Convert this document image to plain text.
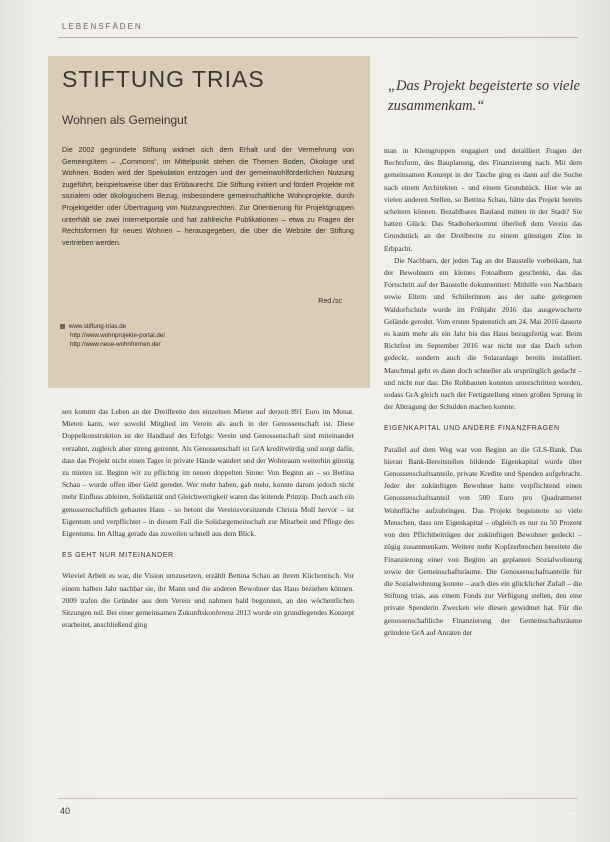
LEBENSFÄDEN
STIFTUNG TRIAS
Wohnen als Gemeingut
Die 2002 gegründete Stiftung widmet sich dem Erhalt und der Vermehrung von Gemeingütern – „Commons“, im Mittelpunkt stehen die Themen Boden, Ökologie und Wohnen. Boden wird der Spekulation entzogen und der gemeinwohlförderlichen Nutzung zugeführt, beispielsweise über das Erbbaurecht. Die Stiftung initiiert und fördert Projekte mit sozialem oder ökologischem Bezug, insbesondere gemeinschaftliche Wohnprojekte, durch Projektgelder oder Übertragung von Nutzungsrechten. Zur Orientierung für Projektgruppen unterhält sie zwei Internetportale und hat zahlreiche Publikationen – etwa zu Fragen der Rechtsformen für neues Wohnen – herausgegeben, die über die Website der Stiftung vertrieben werden.
Red./sc
www.stiftung-trias.de
http://www.wohnprojekte-portal.de/
http://www.neue-wohnformen.de/
„Das Projekt begeisterte so viele zusammenkam.“

sen kommt das Leben an der Dreilbreite den einzelnen Mieter auf derzeit 891 Euro im Monat. Mieten kann, wer sowohl Mitglied im Verein als auch in der Genossenschaft ist. Diese Doppelkonstruktion ist der Handlauf des Erfolgs: Verein und Genossenschaft sind miteinander verzahnt, zugleich aber streng getrennt. Als Genossenschaft ist GrA kreditwürdig und sorgt dafür, dass das Projekt nicht einen Tages in private Hände wandert und der Wohnraum weiterhin günstig zu mieten ist. Beginn wir zu pflichtig im neuen doppelten Sinne: Von Beginn an – so Bettina Schau – wurde offen über Geld geredet. Wer mehr haben, gab mehr, konnte darum jedoch nicht mehr Einfluss ableiten. Solidarität und Gleichwertigkeit waren das leitende Prinzip. Doch auch ein genossenschaftlich gebautes Haus – so betont die Vereinsvorsitzende Christa Moll hervor – ist Eigentum und verpflichtet – in diesem Fall die Solidargemeinschaft zur Mitarbeit und Pflege des Eigentums. Im Alltag gerade das zuweilen schnell aus dem Blick.

ES GEHT NUR MITEINANDER

Wieviel Arbeit es war, die Vision umzusetzen, erzählt Bettina Schau an ihrem Küchentisch. Vor einem halben Jahr nachbar sie, ihr Mann und die anderen Bewohner das Haus beziehen können. 2009 trafen die Gründer aus dem Verein und nahmen bald begonnen, an den wöchentlichen Sitzungen teil. Bei einer gemeinsamen Zukunftskonferenz 2013 wurde ein grundlegendes Konzept erarbeitet, anschließend ging

man in Kleingruppen engagiert und detailliert Fragen der Rechtsform, des Bauplanung, des Finanzierung nach. Mit dem gemeinsamen Konzept in der Tasche ging es dann auf die Suche nach einem Architekten – und einem Grundstück. Hier wie an vielen anderen Stellen, so Bettina Schau, hätte das Projekt bereits scheitern können. Bezahlbares Bauland mitten in der Stadt? Sie hatten Glück: Das Stadtoberkommt überließ dem Verein das Grundstück an der Dreilbreite zu einem günstigen Zins in Erbpacht.

Die Nachbarn, der jeden Tag an der Baustelle vorbeikam, hat der Bewohnern ein kleines Fotoalbum geschenkt, das das Fortschritt auf der Baustelle dokumentiert: Mithilfe von Nachbarn sowie Eltern und Schülerinnen aus der nahe gelegenen Waldorfschule wurde im Frühjahr 2016 das ausgewucherte Gelände gerodet. Vom ersten Spatenstich am 24. Mai 2016 dauerte es kaum mehr als ein Jahr bis das Haus bezugsfertig war. Beim Richtfest im September 2016 war nicht nur das Dach schon gedeckt, sondern auch die Solaranlage bereits installiert. Manchmal geht es dann doch schneller als ursprünglich gedacht – und nicht nur das: Die Rohbauten konnten unterschritten werden, sodass GrA gleich nach der Fertigstellung einen großen Sprung in der Abtragung der Schulden machen konnte.

EIGENKAPITAL UND ANDERE FINANZFRAGEN

Parallel auf dem Weg war von Beginn an die GLS-Bank. Das hieran Bank-Bereitstellen bildende Eigenkapital wurde über Genossenschaftsanteile, private Kredite und Spenden aufgebracht. Jeder der zukünftigen Bewohner hatte verpflichtend einen Genossenschaftsanteil von 500 Euro pro Quadratmeter Wohnfläche aufzubringen. Das Projekt begeisterte so viele Menschen, dass um Eigenkapital – obgleich es nur zu 50 Prozent von den Pflichtbeiträgen der zukünftigen Bewohner gedeckt – zügig zusammenkam. Weitere mehr Kopfzerbrechen bereitete die Finanzierung einer von Beginn an geplanten Sozialwohnung sowie der Gemeinschaftsräume. Die Genossenschaftsanteile für die Sozialwohnung konnte – auch dies ein glücklicher Zufall – die Stiftung trias, aus einem Fonds zur Verfügung stellen, den eine private Spenderin Zwecken wie diesen gewidmet hat. Für die genossenschaftliche Finanzierung der Gemeinschaftsräume gründete GrA auf Anraten der

40	···
